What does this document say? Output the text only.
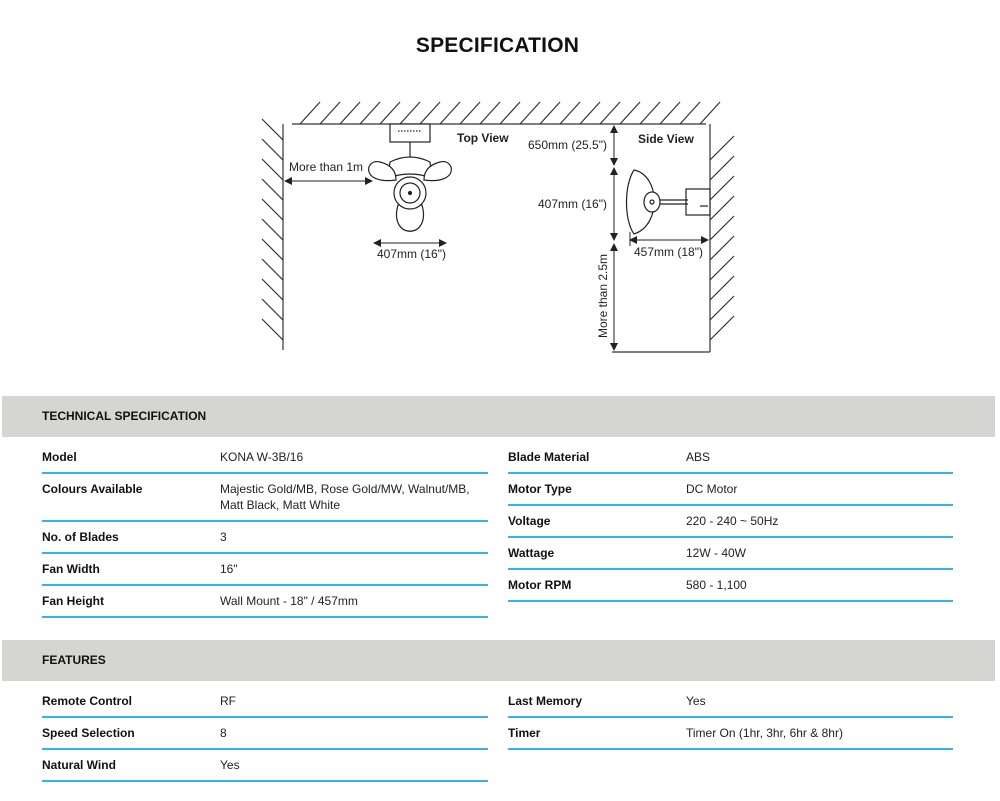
SPECIFICATION
Top View	Side View
More than 1m
407mm (16")
650mm (25.5")
407mm (16")
457mm (18")
More than 2.5m
TECHNICAL SPECIFICATION
Model	KONA W-3B/16
Colours Available	Majestic Gold/MB, Rose Gold/MW, Walnut/MB, Matt Black, Matt White
No. of Blades	3
Fan Width	16"
Fan Height	Wall Mount - 18" / 457mm
Blade Material	ABS
Motor Type	DC Motor
Voltage	220 - 240 ~ 50Hz
Wattage	12W - 40W
Motor RPM	580 - 1,100
FEATURES
Remote Control	RF
Speed Selection	8
Natural Wind	Yes
Last Memory	Yes
Timer	Timer On (1hr, 3hr, 6hr & 8hr)
